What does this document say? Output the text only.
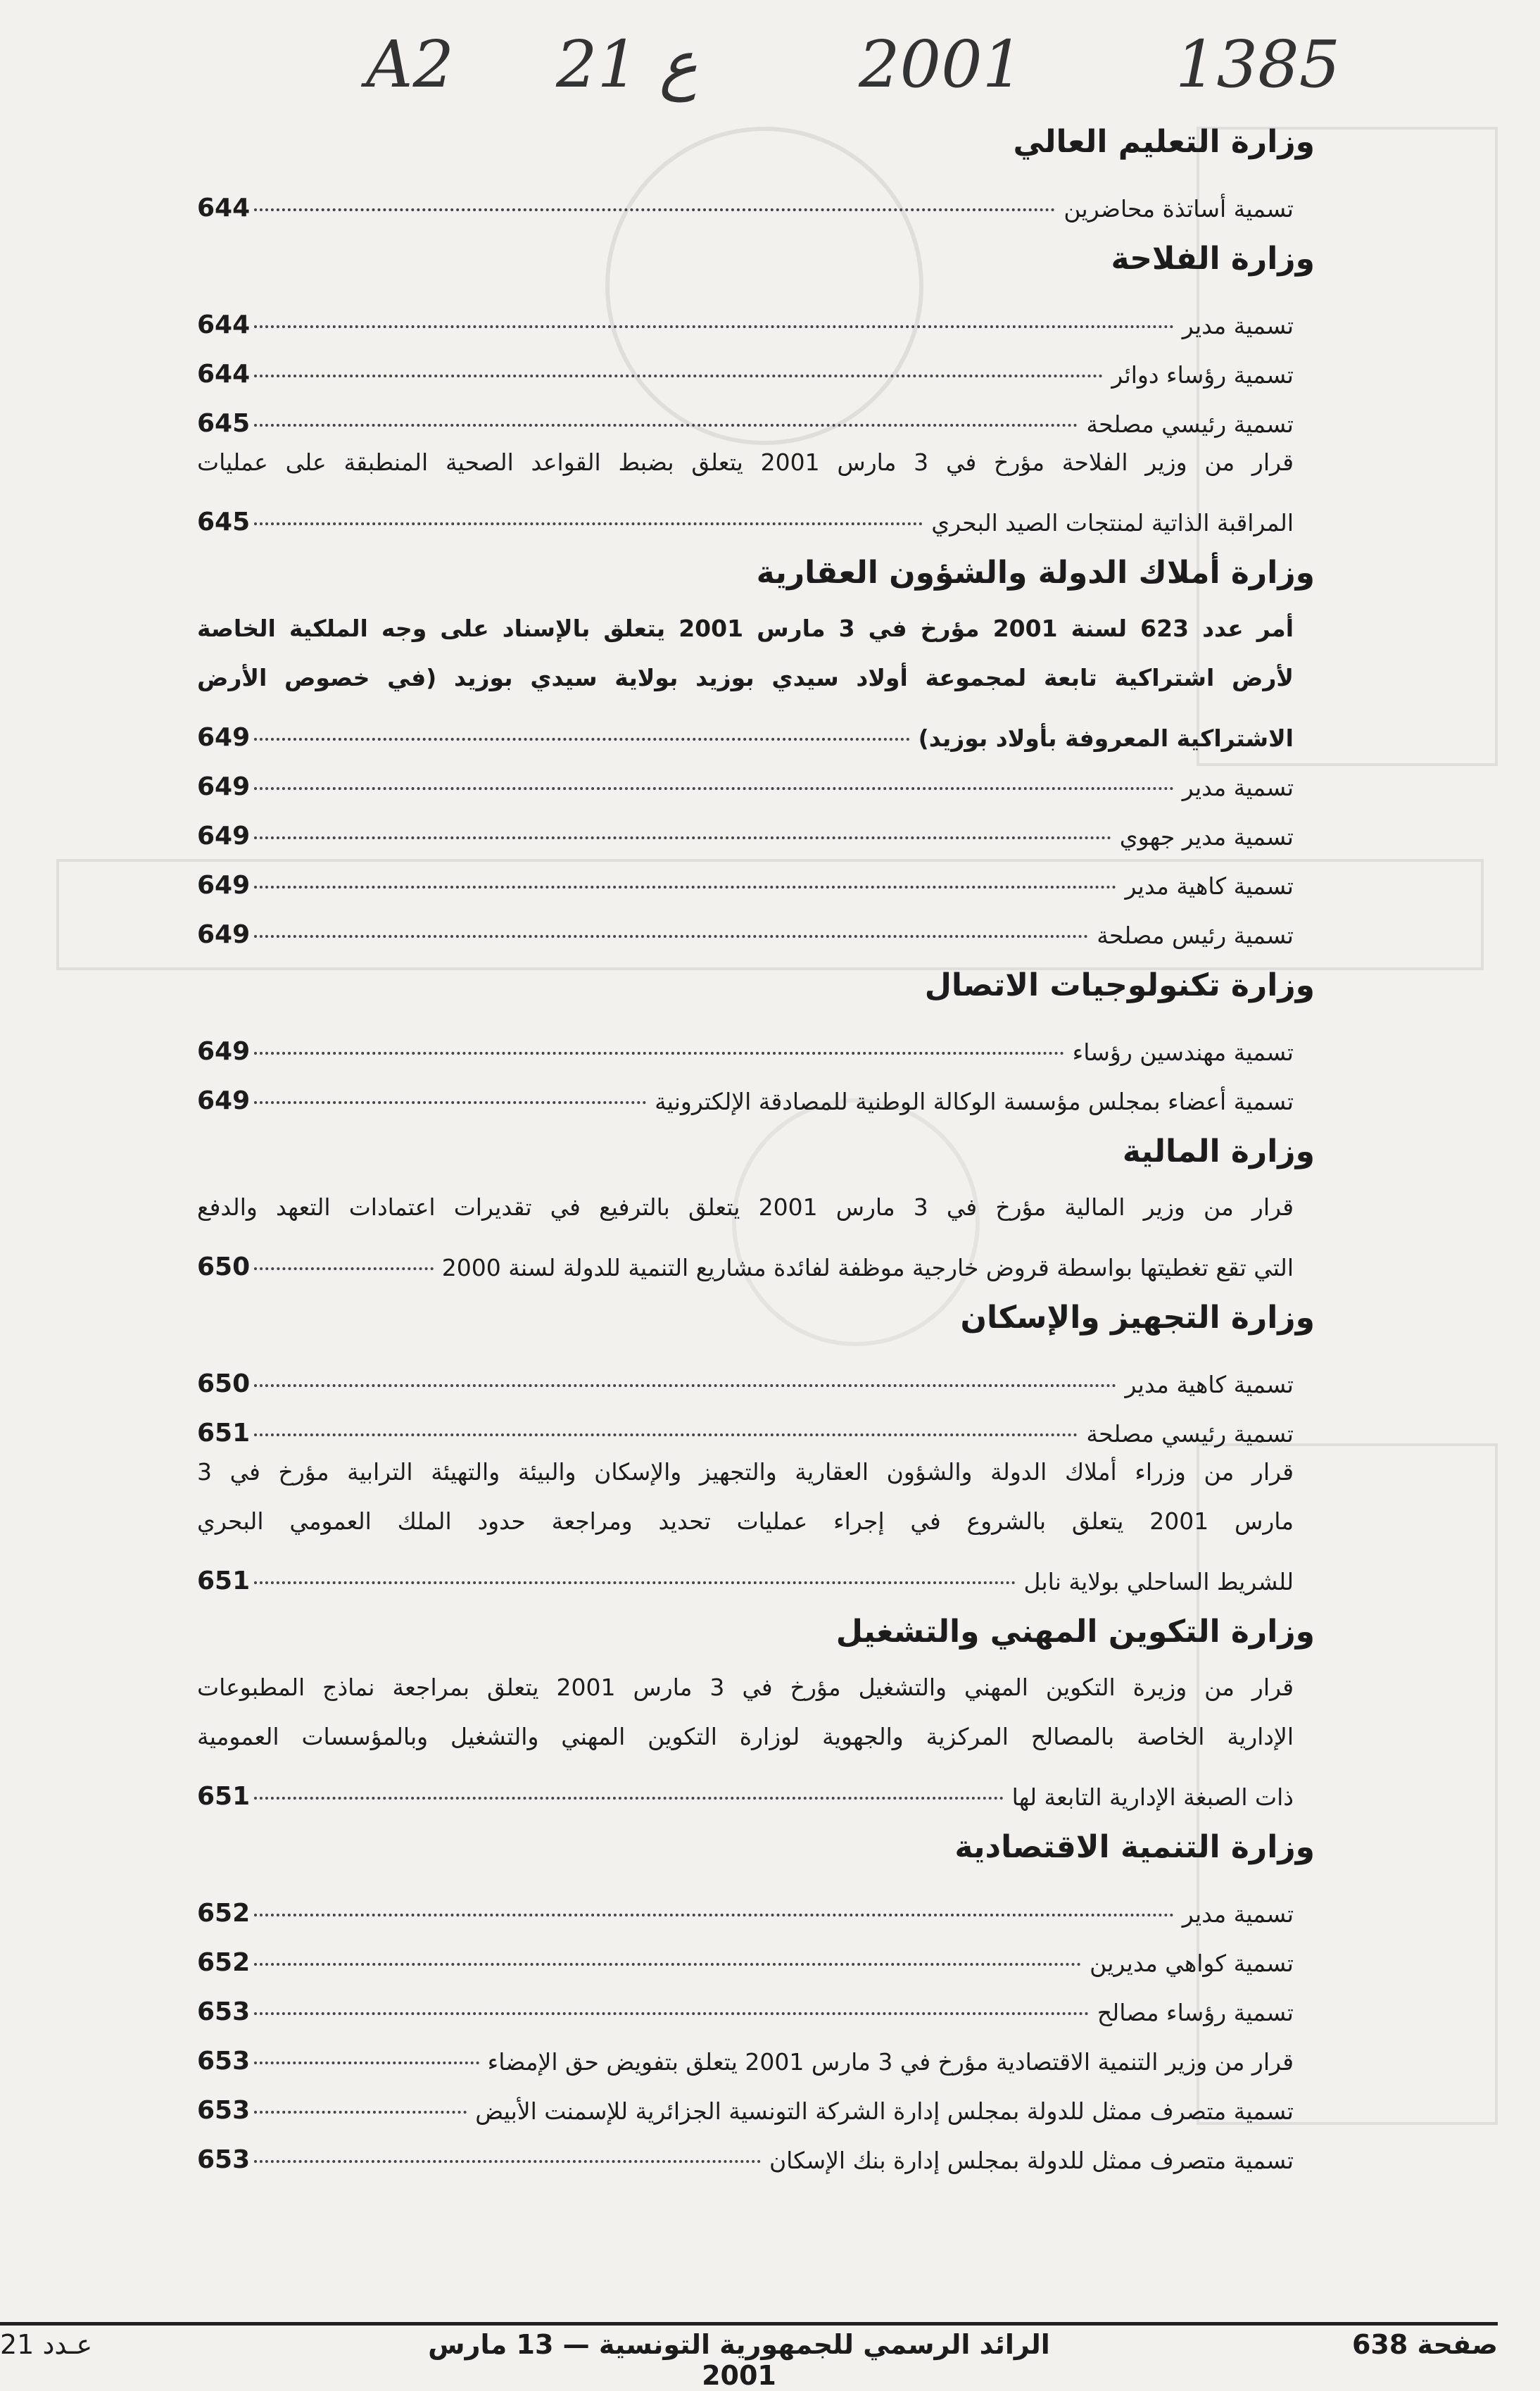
A2 21 ع 2001 1385
وزارة التعليم العالي
تسمية أساتذة محاضرين
644
وزارة الفلاحة
تسمية مدير
644
تسمية رؤساء دوائر
644
تسمية رئيسي مصلحة
645
قرار من وزير الفلاحة مؤرخ في 3 مارس 2001 يتعلق بضبط القواعد الصحية المنطبقة على عمليات
المراقبة الذاتية لمنتجات الصيد البحري
645
وزارة أملاك الدولة والشؤون العقارية
أمر عدد 623 لسنة 2001 مؤرخ في 3 مارس 2001 يتعلق بالإسناد على وجه الملكية الخاصة
لأرض اشتراكية تابعة لمجموعة أولاد سيدي بوزيد بولاية سيدي بوزيد (في خصوص الأرض
الاشتراكية المعروفة بأولاد بوزيد)
649
تسمية مدير
649
تسمية مدير جهوي
649
تسمية كاهية مدير
649
تسمية رئيس مصلحة
649
وزارة تكنولوجيات الاتصال
تسمية مهندسين رؤساء
649
تسمية أعضاء بمجلس مؤسسة الوكالة الوطنية للمصادقة الإلكترونية
649
وزارة المالية
قرار من وزير المالية مؤرخ في 3 مارس 2001 يتعلق بالترفيع في تقديرات اعتمادات التعهد والدفع
التي تقع تغطيتها بواسطة قروض خارجية موظفة لفائدة مشاريع التنمية للدولة لسنة 2000
650
وزارة التجهيز والإسكان
تسمية كاهية مدير
650
تسمية رئيسي مصلحة
651
قرار من وزراء أملاك الدولة والشؤون العقارية والتجهيز والإسكان والبيئة والتهيئة الترابية مؤرخ في 3
مارس 2001 يتعلق بالشروع في إجراء عمليات تحديد ومراجعة حدود الملك العمومي البحري
للشريط الساحلي بولاية نابل
651
وزارة التكوين المهني والتشغيل
قرار من وزيرة التكوين المهني والتشغيل مؤرخ في 3 مارس 2001 يتعلق بمراجعة نماذج المطبوعات
الإدارية الخاصة بالمصالح المركزية والجهوية لوزارة التكوين المهني والتشغيل وبالمؤسسات العمومية
ذات الصبغة الإدارية التابعة لها
651
وزارة التنمية الاقتصادية
تسمية مدير
652
تسمية كواهي مديرين
652
تسمية رؤساء مصالح
653
قرار من وزير التنمية الاقتصادية مؤرخ في 3 مارس 2001 يتعلق بتفويض حق الإمضاء
653
تسمية متصرف ممثل للدولة بمجلس إدارة الشركة التونسية الجزائرية للإسمنت الأبيض
653
تسمية متصرف ممثل للدولة بمجلس إدارة بنك الإسكان
653
صفحة 638
الرائد الرسمي للجمهورية التونسية — 13 مارس 2001
عـدد 21
